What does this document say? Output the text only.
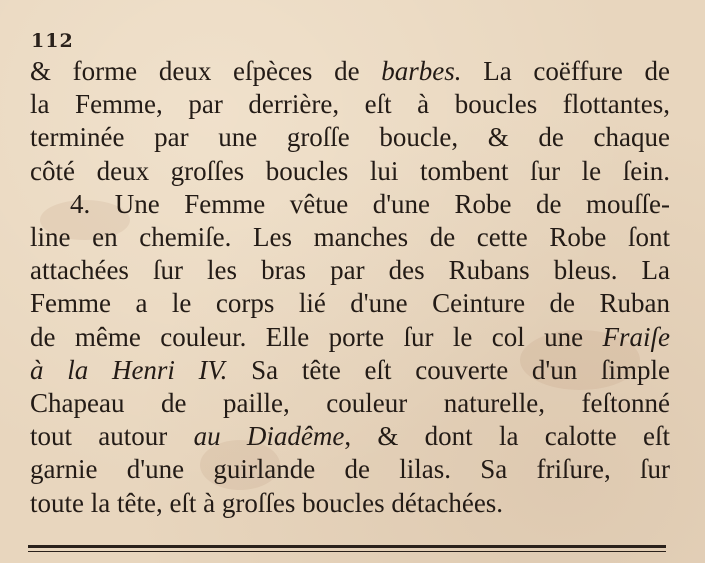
112
& forme deux eſpèces de barbes. La coëffure de
la Femme, par derrière, eſt à boucles flottantes,
terminée par une groſſe boucle, & de chaque
côté deux groſſes boucles lui tombent ſur le ſein.
4. Une Femme vêtue d'une Robe de mouſſe-
line en chemiſe. Les manches de cette Robe ſont
attachées ſur les bras par des Rubans bleus. La
Femme a le corps lié d'une Ceinture de Ruban
de même couleur. Elle porte ſur le col une Fraiſe
à la Henri IV. Sa tête eſt couverte d'un ſimple
Chapeau de paille, couleur naturelle, feſtonné
tout autour au Diadême, & dont la calotte eſt
garnie d'une guirlande de lilas. Sa friſure, ſur
toute la tête, eſt à groſſes boucles détachées.
